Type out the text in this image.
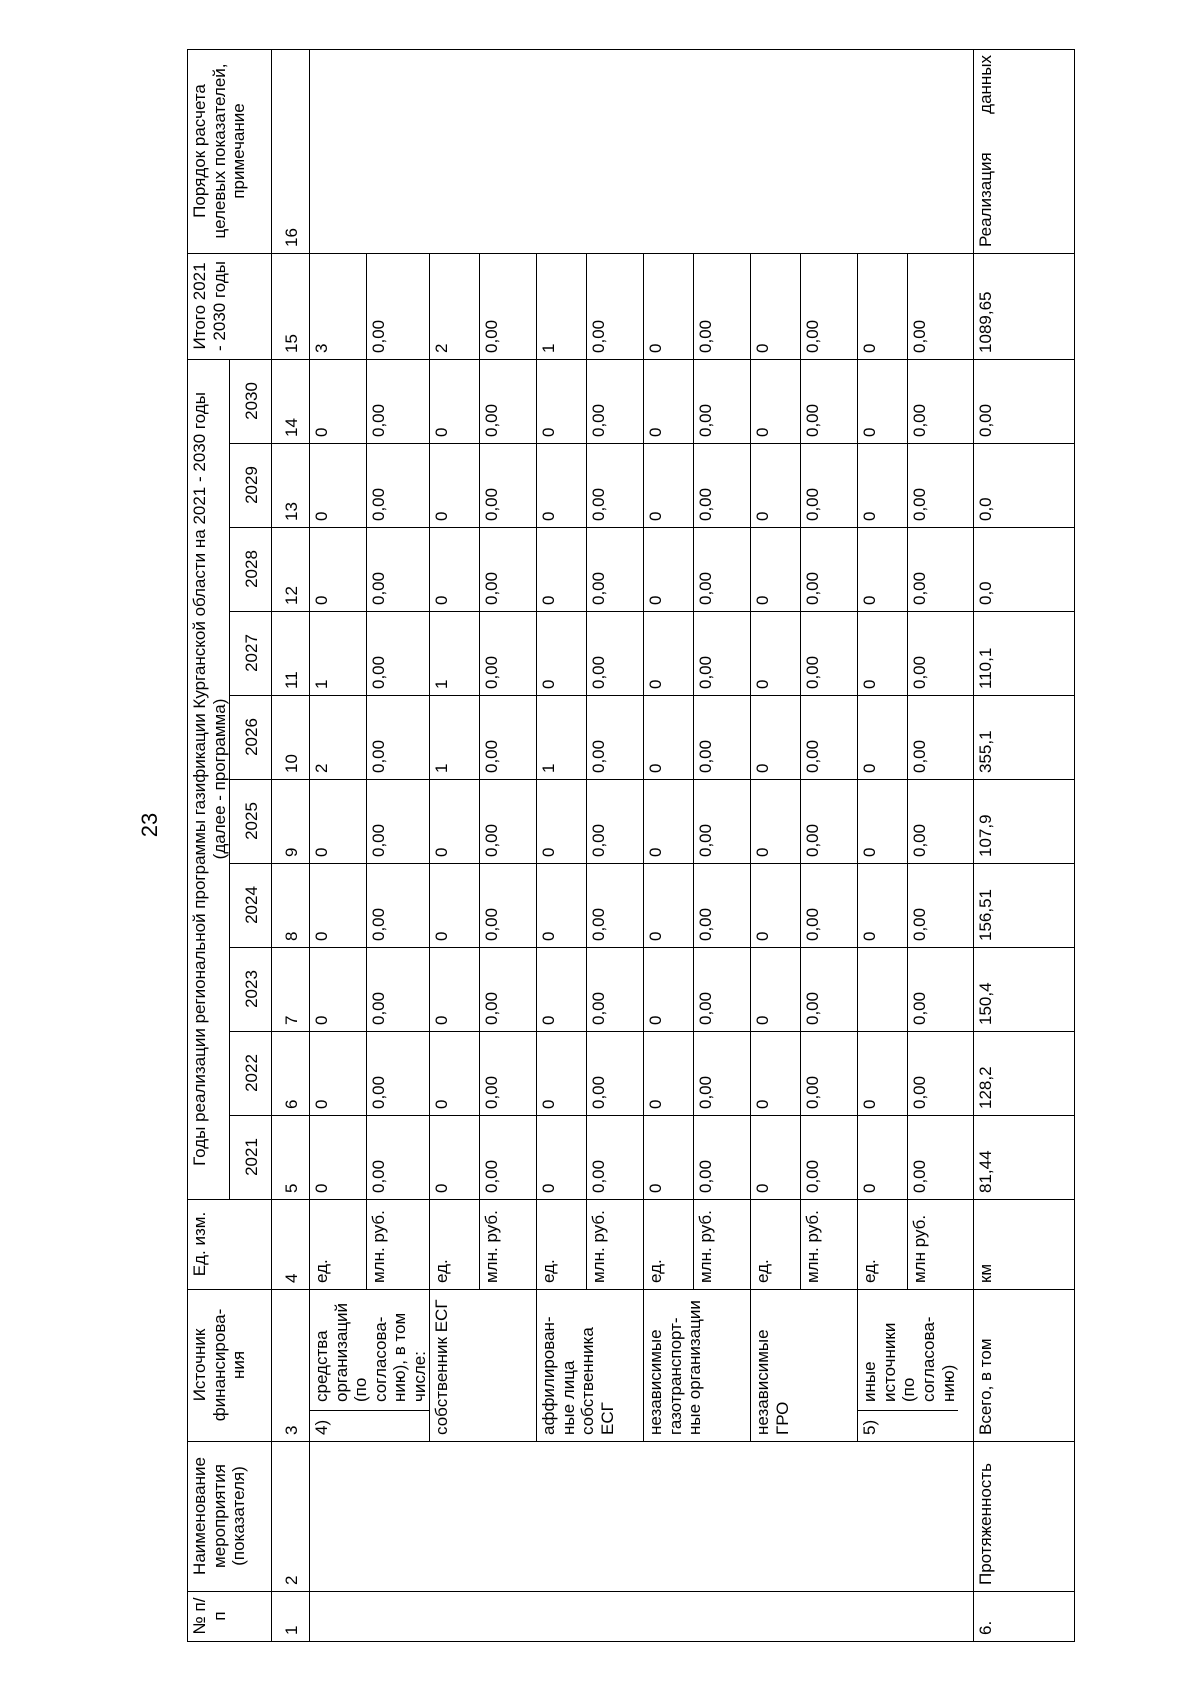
23
№ п/п	Наименование мероприятия (показателя)	Источник финансирова-ния	Ед. изм.	Годы реализации региональной программы газификации Курганской области на 2021 - 2030 годы (далее - программа)										Итого 2021 - 2030 годы	Порядок расчета целевых показателей, примечание
				2021	2022	2023	2024	2025	2026	2027	2028	2029	2030		
1	2	3	4	5	6	7	8	9	10	11	12	13	14	15	16

		4)
средства организаций (по согласова-нию), в том числе:	ед.	0	0	0	0	0	2	1	0	0	0	3	
			млн. руб.	0,00	0,00	0,00	0,00	0,00	0,00	0,00	0,00	0,00	0,00	0,00	

		собственник ЕСГ	ед.	0	0	0	0	0	1	1	0	0	0	2	
			млн. руб.	0,00	0,00	0,00	0,00	0,00	0,00	0,00	0,00	0,00	0,00	0,00	

		аффилирован-ные лица собственника ЕСГ	ед.	0	0	0	0	0	1	0	0	0	0	1	
			млн. руб.	0,00	0,00	0,00	0,00	0,00	0,00	0,00	0,00	0,00	0,00	0,00	

		независимые газотранспорт-ные организации	ед.	0	0	0	0	0	0	0	0	0	0	0	
			млн. руб.	0,00	0,00	0,00	0,00	0,00	0,00	0,00	0,00	0,00	0,00	0,00	

		независимые ГРО	ед.	0	0	0	0	0	0	0	0	0	0	0	
			млн. руб.	0,00	0,00	0,00	0,00	0,00	0,00	0,00	0,00	0,00	0,00	0,00	

		5)
иные источники (по согласова-нию)	ед.	0	0		0	0	0	0	0	0	0	0	
			млн руб.	0,00	0,00	0,00	0,00	0,00	0,00	0,00	0,00	0,00	0,00	0,00	
6.	Протяженность	Всего, в том	км	81,44	128,2	150,4	156,51	107,9	355,1	110,1	0,0	0,0	0,00	1089,65	Реализация
данных
